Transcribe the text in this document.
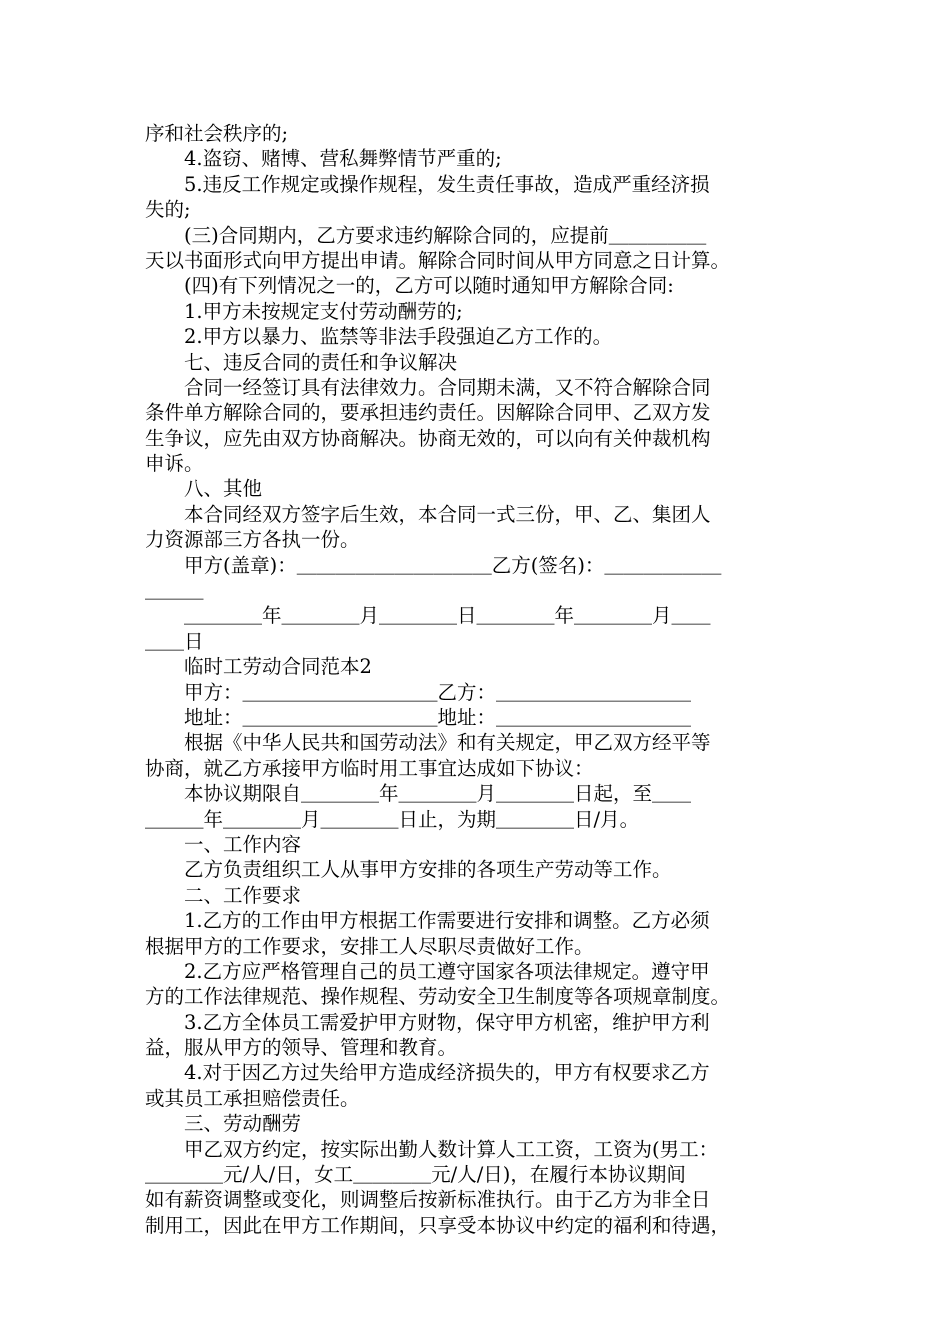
序和社会秩序的;
　　4.盗窃、赌博、营私舞弊情节严重的;
　　5.违反工作规定或操作规程，发生责任事故，造成严重经济损
失的;
　　(三)合同期内，乙方要求违约解除合同的，应提前＿＿＿＿＿
天以书面形式向甲方提出申请。解除合同时间从甲方同意之日计算。
　　(四)有下列情况之一的，乙方可以随时通知甲方解除合同:
　　1.甲方未按规定支付劳动酬劳的;
　　2.甲方以暴力、监禁等非法手段强迫乙方工作的。
　　七、违反合同的责任和争议解决
　　合同一经签订具有法律效力。合同期未满，又不符合解除合同
条件单方解除合同的，要承担违约责任。因解除合同甲、乙双方发
生争议，应先由双方协商解决。协商无效的，可以向有关仲裁机构
申诉。
　　八、其他
　　本合同经双方签字后生效，本合同一式三份，甲、乙、集团人
力资源部三方各执一份。
　　甲方(盖章)：＿＿＿＿＿＿＿＿＿＿乙方(签名)：＿＿＿＿＿＿
＿＿＿
　　＿＿＿＿年＿＿＿＿月＿＿＿＿日＿＿＿＿年＿＿＿＿月＿＿
＿＿日
　　临时工劳动合同范本2
　　甲方：＿＿＿＿＿＿＿＿＿＿乙方：＿＿＿＿＿＿＿＿＿＿
　　地址：＿＿＿＿＿＿＿＿＿＿地址：＿＿＿＿＿＿＿＿＿＿
　　根据《中华人民共和国劳动法》和有关规定，甲乙双方经平等
协商，就乙方承接甲方临时用工事宜达成如下协议：
　　本协议期限自＿＿＿＿年＿＿＿＿月＿＿＿＿日起，至＿＿
＿＿＿年＿＿＿＿月＿＿＿＿日止，为期＿＿＿＿日/月。
　　一、工作内容
　　乙方负责组织工人从事甲方安排的各项生产劳动等工作。
　　二、工作要求
　　1.乙方的工作由甲方根据工作需要进行安排和调整。乙方必须
根据甲方的工作要求，安排工人尽职尽责做好工作。
　　2.乙方应严格管理自己的员工遵守国家各项法律规定。遵守甲
方的工作法律规范、操作规程、劳动安全卫生制度等各项规章制度。
　　3.乙方全体员工需爱护甲方财物，保守甲方机密，维护甲方利
益，服从甲方的领导、管理和教育。
　　4.对于因乙方过失给甲方造成经济损失的，甲方有权要求乙方
或其员工承担赔偿责任。
　　三、劳动酬劳
　　甲乙双方约定，按实际出勤人数计算人工工资，工资为(男工：
＿＿＿＿元/人/日，女工＿＿＿＿元/人/日)，在履行本协议期间
如有薪资调整或变化，则调整后按新标准执行。由于乙方为非全日
制用工，因此在甲方工作期间，只享受本协议中约定的福利和待遇，
